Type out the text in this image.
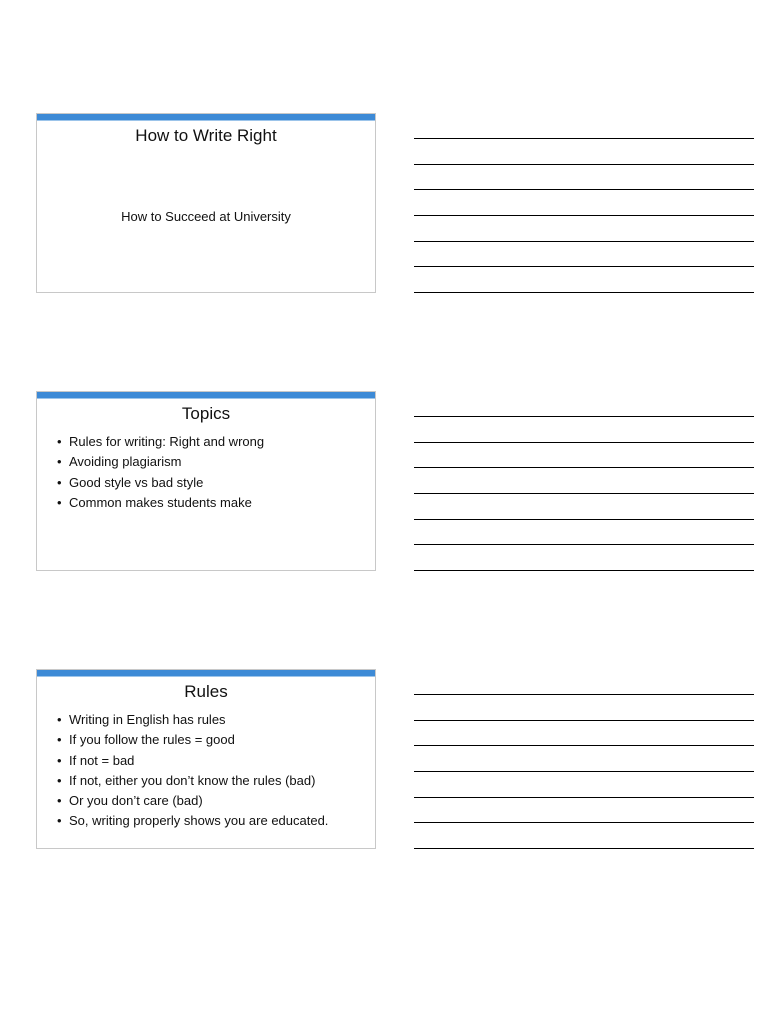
How to Write Right
How to Succeed at University
Topics
• Rules for writing: Right and wrong
• Avoiding plagiarism
• Good style vs bad style
• Common makes students make
Rules
• Writing in English has rules
• If you follow the rules = good
• If not = bad
• If not, either you don’t know the rules (bad)
• Or you don’t care (bad)
• So, writing properly shows you are educated.
